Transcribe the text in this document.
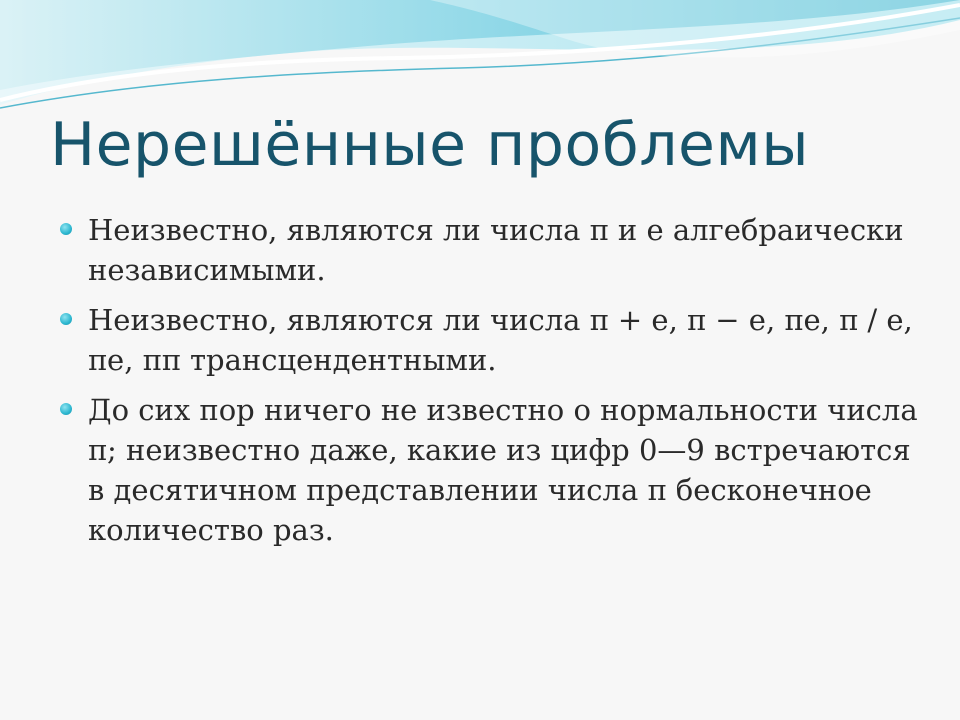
Нерешённые проблемы
Неизвестно, являются ли числа π и e алгебраически независимыми.
Неизвестно, являются ли числа π + e, π − e, πe, π / e, πe, ππ трансцендентными.
До сих пор ничего не известно о нормальности числа π; неизвестно даже, какие из цифр 0—9 встречаются в десятичном представлении числа π бесконечное количество раз.
